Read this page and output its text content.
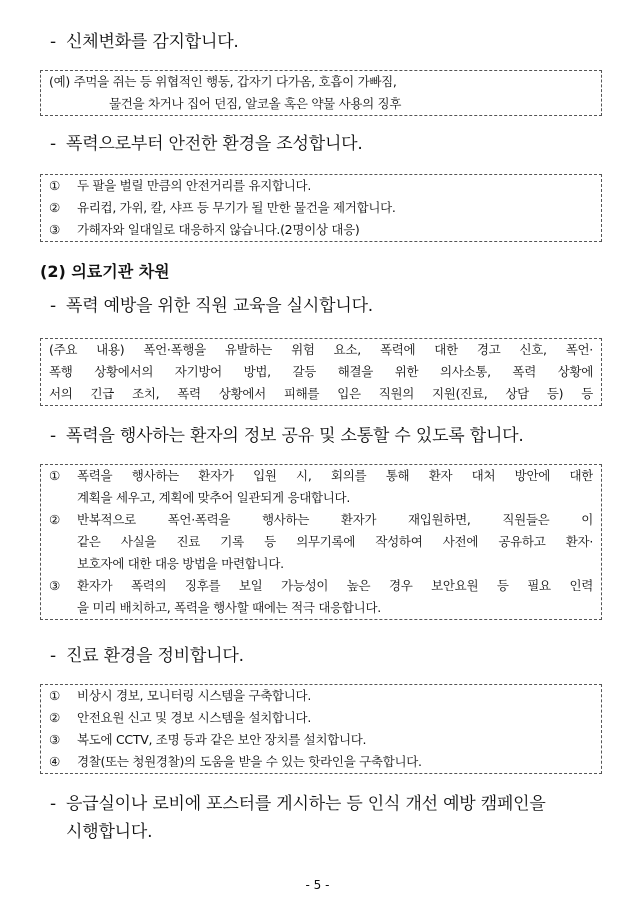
- 신체변화를 감지합니다.
(예) 주먹을 쥐는 등 위협적인 행동, 갑자기 다가옴, 호흡이 가빠짐,
물건을 차거나 집어 던짐, 알코올 혹은 약물 사용의 징후
- 폭력으로부터 안전한 환경을 조성합니다.
①	두 팔을 벌릴 만큼의 안전거리를 유지합니다.
②	유리컵, 가위, 칼, 샤프 등 무기가 될 만한 물건을 제거합니다.
③	가해자와 일대일로 대응하지 않습니다.(2명이상 대응)
(2) 의료기관 차원
- 폭력 예방을 위한 직원 교육을 실시합니다.
(주요 내용) 폭언·폭행을 유발하는 위험 요소, 폭력에 대한 경고 신호, 폭언·
폭행 상황에서의 자기방어 방법, 갈등 해결을 위한 의사소통, 폭력 상황에
서의 긴급 조치, 폭력 상황에서 피해를 입은 직원의 지원(진료, 상담 등) 등
- 폭력을 행사하는 환자의 정보 공유 및 소통할 수 있도록 합니다.
①	폭력을 행사하는 환자가 입원 시, 회의를 통해 환자 대처 방안에 대한
계획을 세우고, 계획에 맞추어 일관되게 응대합니다.
②	반복적으로 폭언·폭력을 행사하는 환자가 재입원하면, 직원들은 이
같은 사실을 진료 기록 등 의무기록에 작성하여 사전에 공유하고 환자·
보호자에 대한 대응 방법을 마련합니다.
③	환자가 폭력의 징후를 보일 가능성이 높은 경우 보안요원 등 필요 인력
을 미리 배치하고, 폭력을 행사할 때에는 적극 대응합니다.
- 진료 환경을 정비합니다.
①	비상시 경보, 모니터링 시스템을 구축합니다.
②	안전요원 신고 및 경보 시스템을 설치합니다.
③	복도에 CCTV, 조명 등과 같은 보안 장치를 설치합니다.
④	경찰(또는 청원경찰)의 도움을 받을 수 있는 핫라인을 구축합니다.
- 응급실이나 로비에 포스터를 게시하는 등 인식 개선 예방 캠페인을
시행합니다.
- 5 -
